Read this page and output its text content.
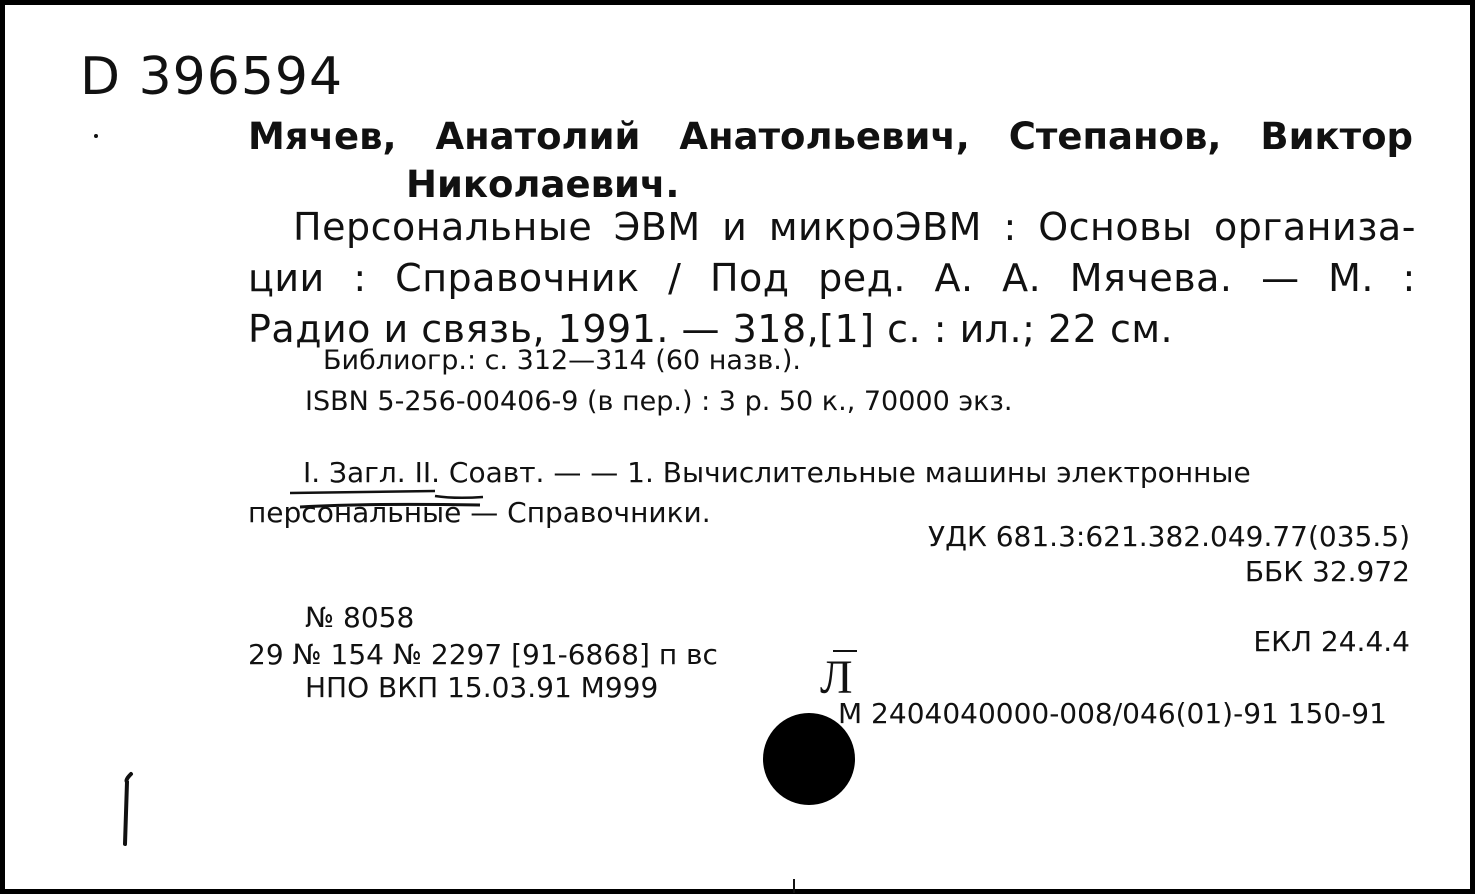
D 396594
Мячев, Анатолий Анатольевич, Степанов, Виктор
Николаевич.
Персональные ЭВМ и микроЭВМ : Основы организа-
ции : Справочник / Под ред. А. А. Мячева. — М. :
Радио и связь, 1991. — 318,[1] с. : ил.; 22 см.
Библиогр.: с. 312—314 (60 назв.).
ISBN 5-256-00406-9 (в пер.) : 3 р. 50 к., 70000 экз.
I. Загл. II. Соавт. — — 1. Вычислительные машины электронные
персональные — Справочники.
УДК 681.3:621.382.049.77(035.5)
ББК 32.972
ЕКЛ 24.4.4
№ 8058
29 № 154 № 2297 [91-6868] п вс
НПО ВКП 15.03.91 М999	Л
М 2404040000-008/046(01)-91 150-91
